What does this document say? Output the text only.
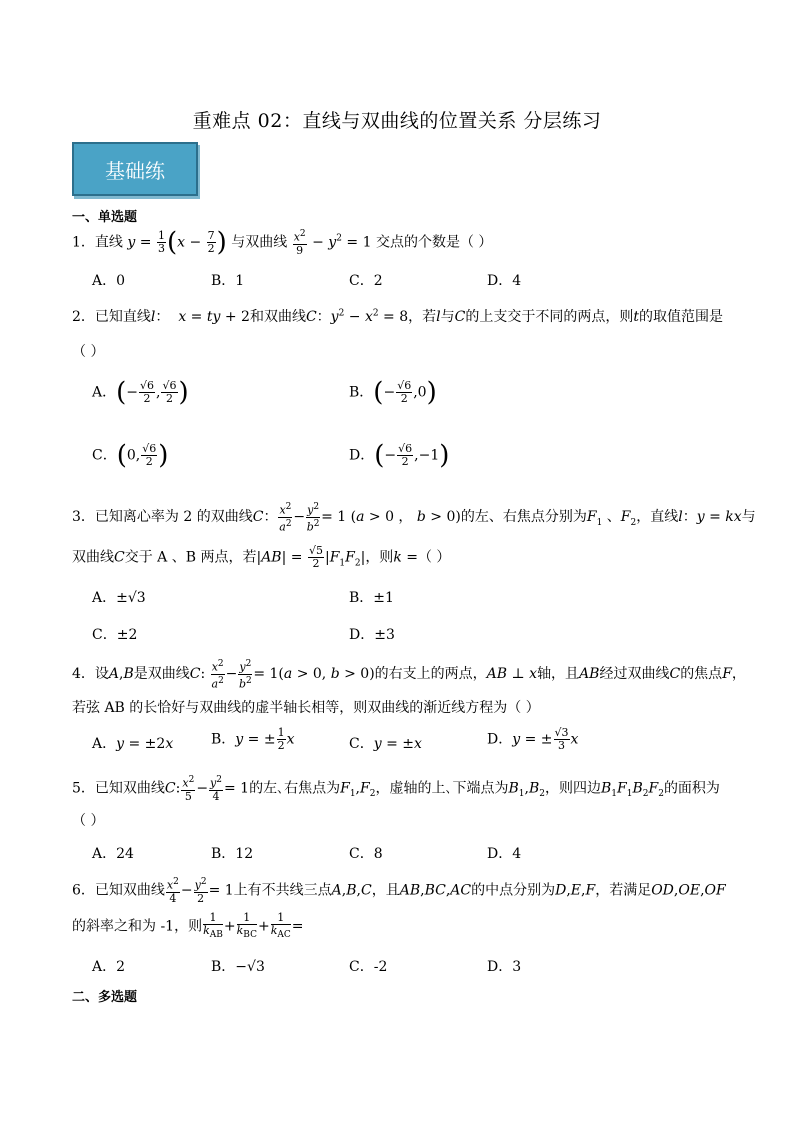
重难点 02：直线与双曲线的位置关系 分层练习
基础练
一、单选题
1．直线 $y = \frac{1}{3} (x - \frac{7}{2}$ ) 与双曲线 $\frac{x^2}{9} - y^2 = 1$ 交点的个数是（ ）
A．0	B．1	C．2	D．4
2．已知直线l：  x = ty + 2和双曲线C：$y^2 - x^2 = 8$，若l与C的上支交于不同的两点，则t的取值范围是
（ ）
A．(− $\frac{√6}{2}$ , $\frac{√6}{2}$ )	B．(− $\frac{√6}{2} ,0$)
C．(0, $\frac{√6}{2}$ )	D．(− $\frac{√6}{2} ,-1$)
3．已知离心率为 2 的双曲线C： $\frac{x^2}{a^2} - \frac{y^2}{b^2} = 1$ (a > 0 ， b > 0)的左、右焦点分别为$F_1$ 、$F_2$，直线l：y = kx与
双曲线C交于 A 、B 两点，若$|AB| = \frac{√5}{2} |F_1F_2|$，则k =（ ）
A．±√3	B．±1
C．±2	D．±3
4．设A,B是双曲线C: $\frac{x^2}{a^2} - \frac{y^2}{b^2} = 1(a > 0$, b > 0)的右支上的两点，AB ⊥ x轴，且AB经过双曲线C的焦点F，
若弦 AB 的长恰好与双曲线的虚半轴长相等，则双曲线的渐近线方程为（ ）
A．y = ±2x	B．y = ± $\frac{1}{2}$ x	C．y = ±x	D．y = ± $\frac{√3}{3}$ x
5．已知双曲线C: $\frac{x^2}{5} - \frac{y^2}{4} = 1$的左､右焦点为$F_1,F_2$，虚轴的上､下端点为$B_1,B_2$，则四边$B_1F_1B_2F_2$的面积为
（ ）
A．24	B．12	C．8	D．4
6．已知双曲线 $\frac{x^2}{4} - \frac{y^2}{2} = 1$上有不共线三点A,B,C，且AB,BC,AC的中点分别为D,E,F，若满足OD,OE,OF
的斜率之和为 -1，则 $\frac{1}{k_{AB}} + \frac{1}{k_{BC}} + \frac{1}{k_{AC}}$ =
A．2	B．−√3	C．-2	D．3
二、多选题
